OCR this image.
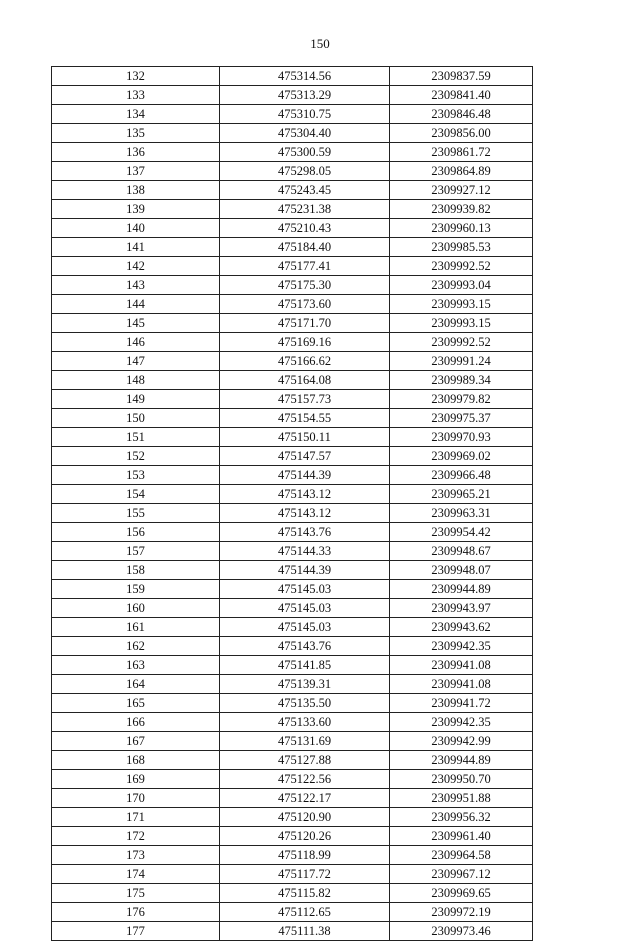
150
132	475314.56	2309837.59
133	475313.29	2309841.40
134	475310.75	2309846.48
135	475304.40	2309856.00
136	475300.59	2309861.72
137	475298.05	2309864.89
138	475243.45	2309927.12
139	475231.38	2309939.82
140	475210.43	2309960.13
141	475184.40	2309985.53
142	475177.41	2309992.52
143	475175.30	2309993.04
144	475173.60	2309993.15
145	475171.70	2309993.15
146	475169.16	2309992.52
147	475166.62	2309991.24
148	475164.08	2309989.34
149	475157.73	2309979.82
150	475154.55	2309975.37
151	475150.11	2309970.93
152	475147.57	2309969.02
153	475144.39	2309966.48
154	475143.12	2309965.21
155	475143.12	2309963.31
156	475143.76	2309954.42
157	475144.33	2309948.67
158	475144.39	2309948.07
159	475145.03	2309944.89
160	475145.03	2309943.97
161	475145.03	2309943.62
162	475143.76	2309942.35
163	475141.85	2309941.08
164	475139.31	2309941.08
165	475135.50	2309941.72
166	475133.60	2309942.35
167	475131.69	2309942.99
168	475127.88	2309944.89
169	475122.56	2309950.70
170	475122.17	2309951.88
171	475120.90	2309956.32
172	475120.26	2309961.40
173	475118.99	2309964.58
174	475117.72	2309967.12
175	475115.82	2309969.65
176	475112.65	2309972.19
177	475111.38	2309973.46
